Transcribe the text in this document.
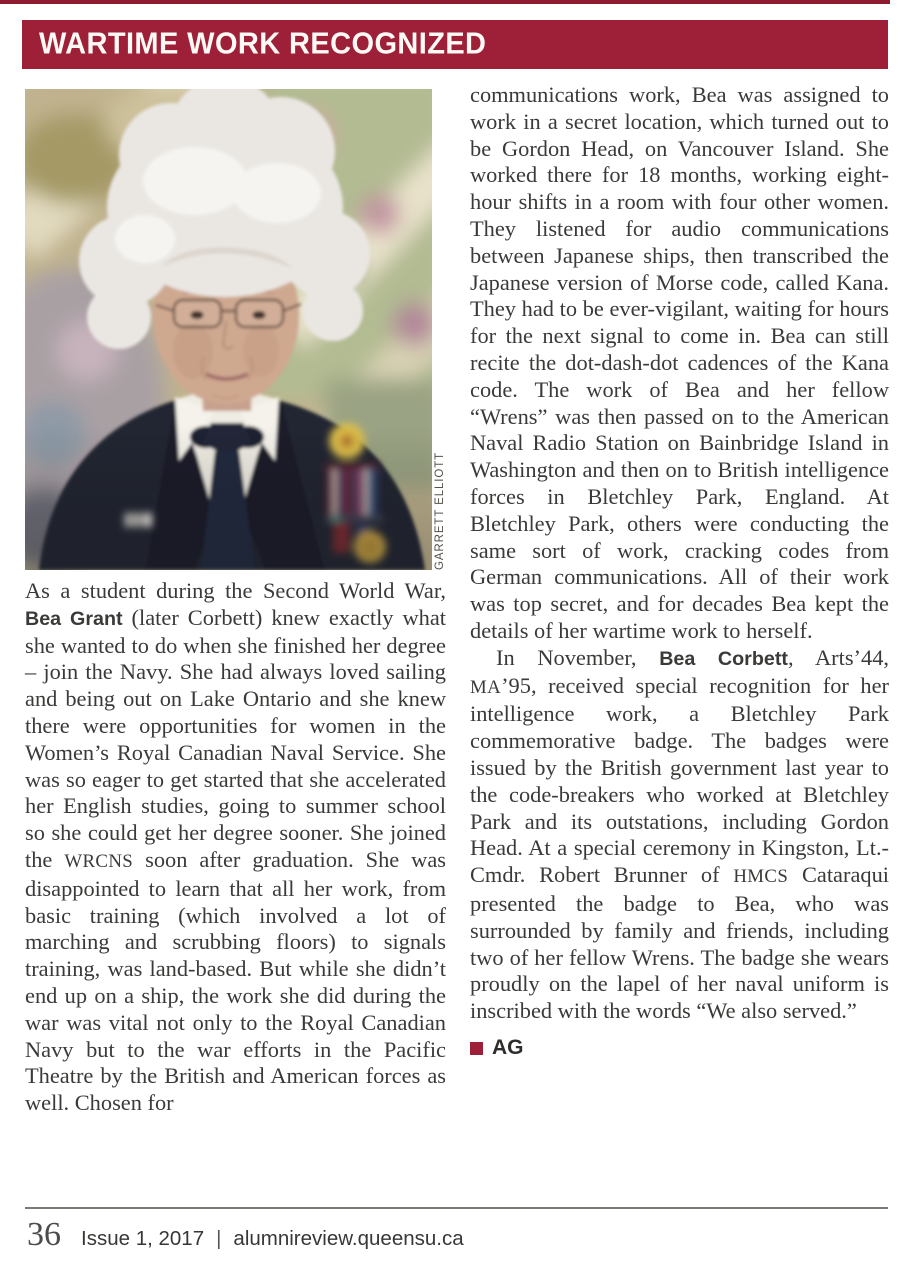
WARTIME WORK RECOGNIZED
GARRETT ELLIOTT

As a student during the Second World War, Bea Grant (later Corbett) knew exactly what she wanted to do when she finished her degree – join the Navy. She had always loved sailing and being out on Lake Ontario and she knew there were opportunities for women in the Women’s Royal Canadian Naval Service. She was so eager to get started that she accelerated her English studies, going to summer school so she could get her degree sooner. She joined the WRCNS soon after graduation. She was disappointed to learn that all her work, from basic training (which involved a lot of marching and scrubbing floors) to signals training, was land-based. But while she didn’t end up on a ship, the work she did during the war was vital not only to the Royal Canadian Navy but to the war efforts in the Pacific Theatre by the British and American forces as well. Chosen for

communications work, Bea was assigned to work in a secret location, which turned out to be Gordon Head, on Vancouver Island. She worked there for 18 months, working eight-hour shifts in a room with four other women. They listened for audio communications between Japanese ships, then transcribed the Japanese version of Morse code, called Kana. They had to be ever-vigilant, waiting for hours for the next signal to come in. Bea can still recite the dot-dash-dot cadences of the Kana code. The work of Bea and her fellow “Wrens” was then passed on to the American Naval Radio Station on Bainbridge Island in Washington and then on to British intelligence forces in Bletchley Park, England. At Bletchley Park, others were conducting the same sort of work, cracking codes from German communications. All of their work was top secret, and for decades Bea kept the details of her wartime work to herself.

In November, Bea Corbett, Arts’44, MA’95, received special recognition for her intelligence work, a Bletchley Park commemorative badge. The badges were issued by the British government last year to the code-breakers who worked at Bletchley Park and its outstations, including Gordon Head. At a special ceremony in Kingston, Lt.-Cmdr. Robert Brunner of HMCS Cataraqui presented the badge to Bea, who was surrounded by family and friends, including two of her fellow Wrens. The badge she wears proudly on the lapel of her naval uniform is inscribed with the words “We also served.”

AG
36 Issue 1, 2017 | alumnireview.queensu.ca
